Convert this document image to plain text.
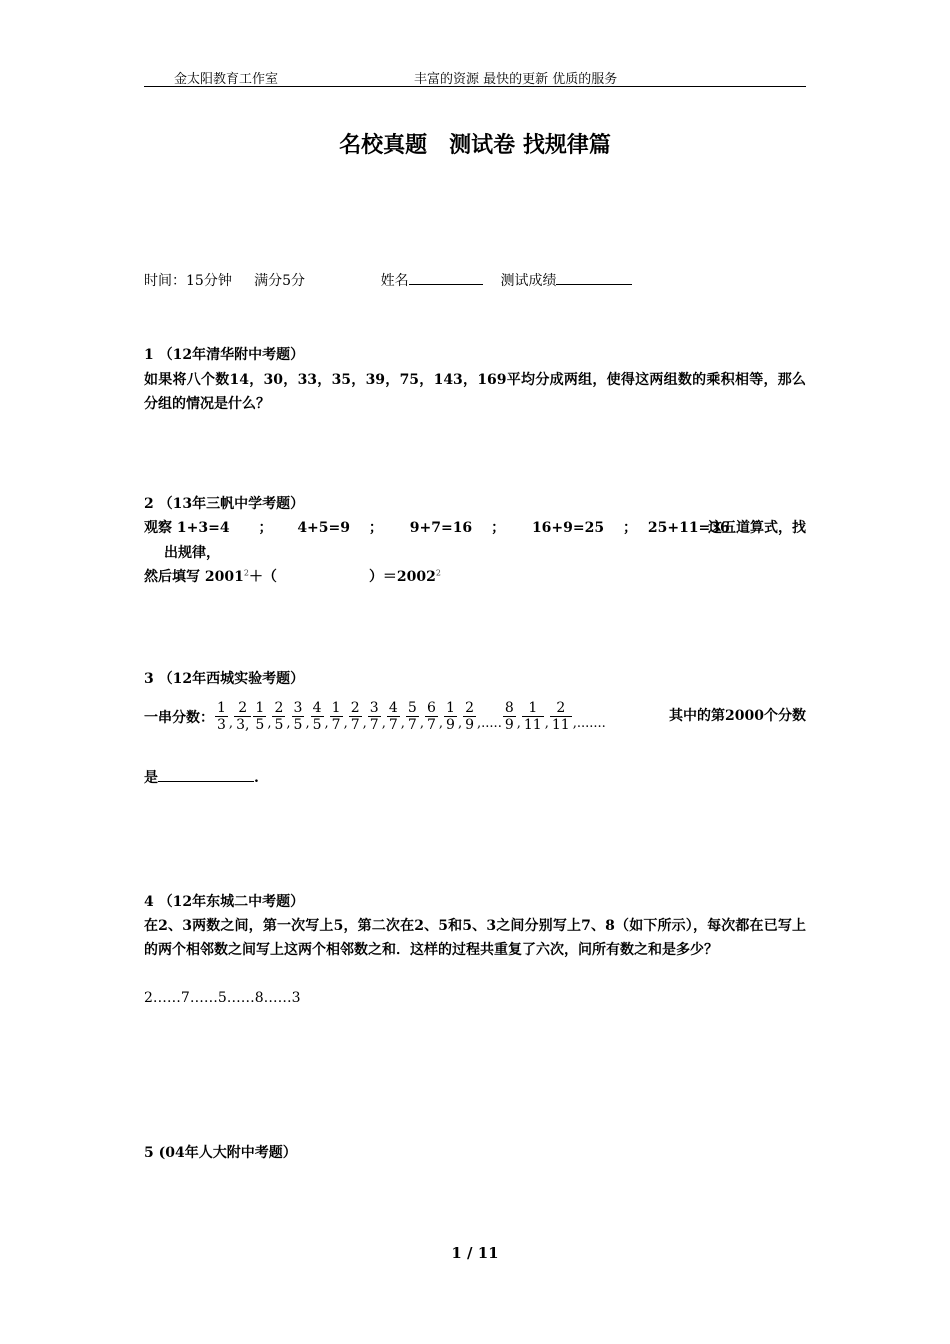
金太阳教育工作室	丰富的资源 最快的更新 优质的服务
名校真题　测试卷 找规律篇
时间：15分钟 满分5分	姓名	测试成绩
1 （12年清华附中考题）
如果将八个数14，30，33，35，39，75，143，169平均分成两组，使得这两组数的乘积相等，那么分组的情况是什么？
2 （13年三帆中学考题）
观察 1+3=4 ； 4+5=9 ； 9+7=16 ； 16+9=25 ； 25+11=36
这五道算式，找
出规律，
然后填写 $2001^2+$（	）$=2002^2$
3 （12年西城实验考题）
一串分数： $\frac{1}{3}$ , $\frac{2}{3,} \frac{1}{5}$ , $\frac{2}{5}$ , $\frac{3}{5}$ , $\frac{4}{5}$ , $\frac{1}{7}$ , $\frac{2}{7}$ , $\frac{3}{7}$ , $\frac{4}{7}$ , $\frac{5}{7}$ , $\frac{6}{7}$ , $\frac{1}{9}$ , $\frac{2}{9}$ ,..... $\frac{8}{9}$ , $\frac{1}{11}$ , $\frac{2}{11}$ ,.......	其中的第2000个分数
是	.
4 （12年东城二中考题）
在2、3两数之间，第一次写上5，第二次在2、5和5、3之间分别写上7、8（如下所示），每次都在已写上的两个相邻数之间写上这两个相邻数之和．这样的过程共重复了六次，问所有数之和是多少？
2……7……5……8……3
5 (04年人大附中考题）
1 / 11
